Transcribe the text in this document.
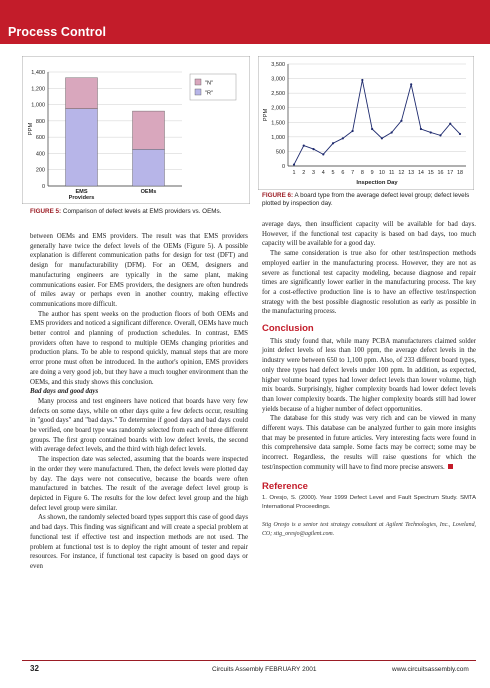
Process Control
0
200
400
600
800
1,000
1,200
1,400
PPM
EMS
Providers
OEMs
"N"
"R"
FIGURE 5: Comparison of defect levels at EMS providers vs. OEMs.
0
500
1,000
1,500
2,000
2,500
3,000
3,500
PPM
1 2 3 4 5 6 7 8 9 10 11 12 13 14 15 16 17 18
Inspection Day
FIGURE 6: A board type from the average defect level group; defect levels plotted by inspection day.

between OEMs and EMS providers. The result was that EMS providers generally have twice the defect levels of the OEMs (Figure 5). A possible explanation is different communication paths for design for test (DFT) and design for manufacturability (DFM). For an OEM, designers and manufacturing engineers are typically in the same plant, making communications easier. For EMS providers, the designers are often hundreds of miles away or perhaps even in another country, making effective communications more difficult.

The author has spent weeks on the production floors of both OEMs and EMS providers and noticed a significant difference. Overall, OEMs have much better control and planning of production schedules. In contrast, EMS providers often have to respond to multiple OEMs changing priorities and production plans. To be able to respond quickly, manual steps that are more error prone must often be introduced. In the author's opinion, EMS providers are doing a very good job, but they have a much tougher environment than the OEMs, and this study shows this conclusion.

Bad days and good days

Many process and test engineers have noticed that boards have very few defects on some days, while on other days quite a few defects occur, resulting in "good days" and "bad days." To determine if good days and bad days could be verified, one board type was randomly selected from each of three different groups. The first group contained boards with low defect levels, the second with average defect levels, and the third with high defect levels.

The inspection date was selected, assuming that the boards were inspected in the order they were manufactured. Then, the defect levels were plotted day by day. The days were not consecutive, because the boards were often manufactured in batches. The result of the average defect level group is depicted in Figure 6. The results for the low defect level group and the high defect level group were similar.

As shown, the randomly selected board types support this case of good days and bad days. This finding was significant and will create a special problem at functional test if effective test and inspection methods are not used. The problem at functional test is to deploy the right amount of tester and repair resources. For instance, if functional test capacity is based on good days or even

average days, then insufficient capacity will be available for bad days. However, if the functional test capacity is based on bad days, too much capacity will be available for a good day.

The same consideration is true also for other test/inspection methods employed earlier in the manufacturing process. However, they are not as severe as functional test capacity modeling, because diagnose and repair times are significantly lower earlier in the manufacturing process. The key for a cost-effective production line is to have an effective test/inspection strategy with the best possible diagnostic resolution as early as possible in the manufacturing process.

Conclusion

This study found that, while many PCBA manufacturers claimed solder joint defect levels of less than 100 ppm, the average defect levels in the industry were between 650 to 1,100 ppm. Also, of 233 different board types, only three types had defect levels under 100 ppm. In addition, as expected, higher volume board types had lower defect levels than lower volume, high mix boards. Surprisingly, higher complexity boards had lower defect levels than lower complexity boards. The higher complexity boards still had lower yields because of a higher number of defect opportunities.

The database for this study was very rich and can be viewed in many different ways. This database can be analyzed further to gain more insights that may be presented in future articles. Very interesting facts were found in this comprehensive data sample. Some facts may be correct; some may be incorrect. Regardless, the results will raise questions for which the test/inspection community will have to find more precise answers.

Reference
1. Oresjo, S. (2000). Year 1999 Defect Level and Fault Spectrum Study. SMTA International Proceedings.
Stig Oresjo is a senior test strategy consultant at Agilent Technologies, Inc., Loveland, CO; stig_oresjo@agilent.com.
32	Circuits Assembly FEBRUARY 2001	www.circuitsassembly.com
